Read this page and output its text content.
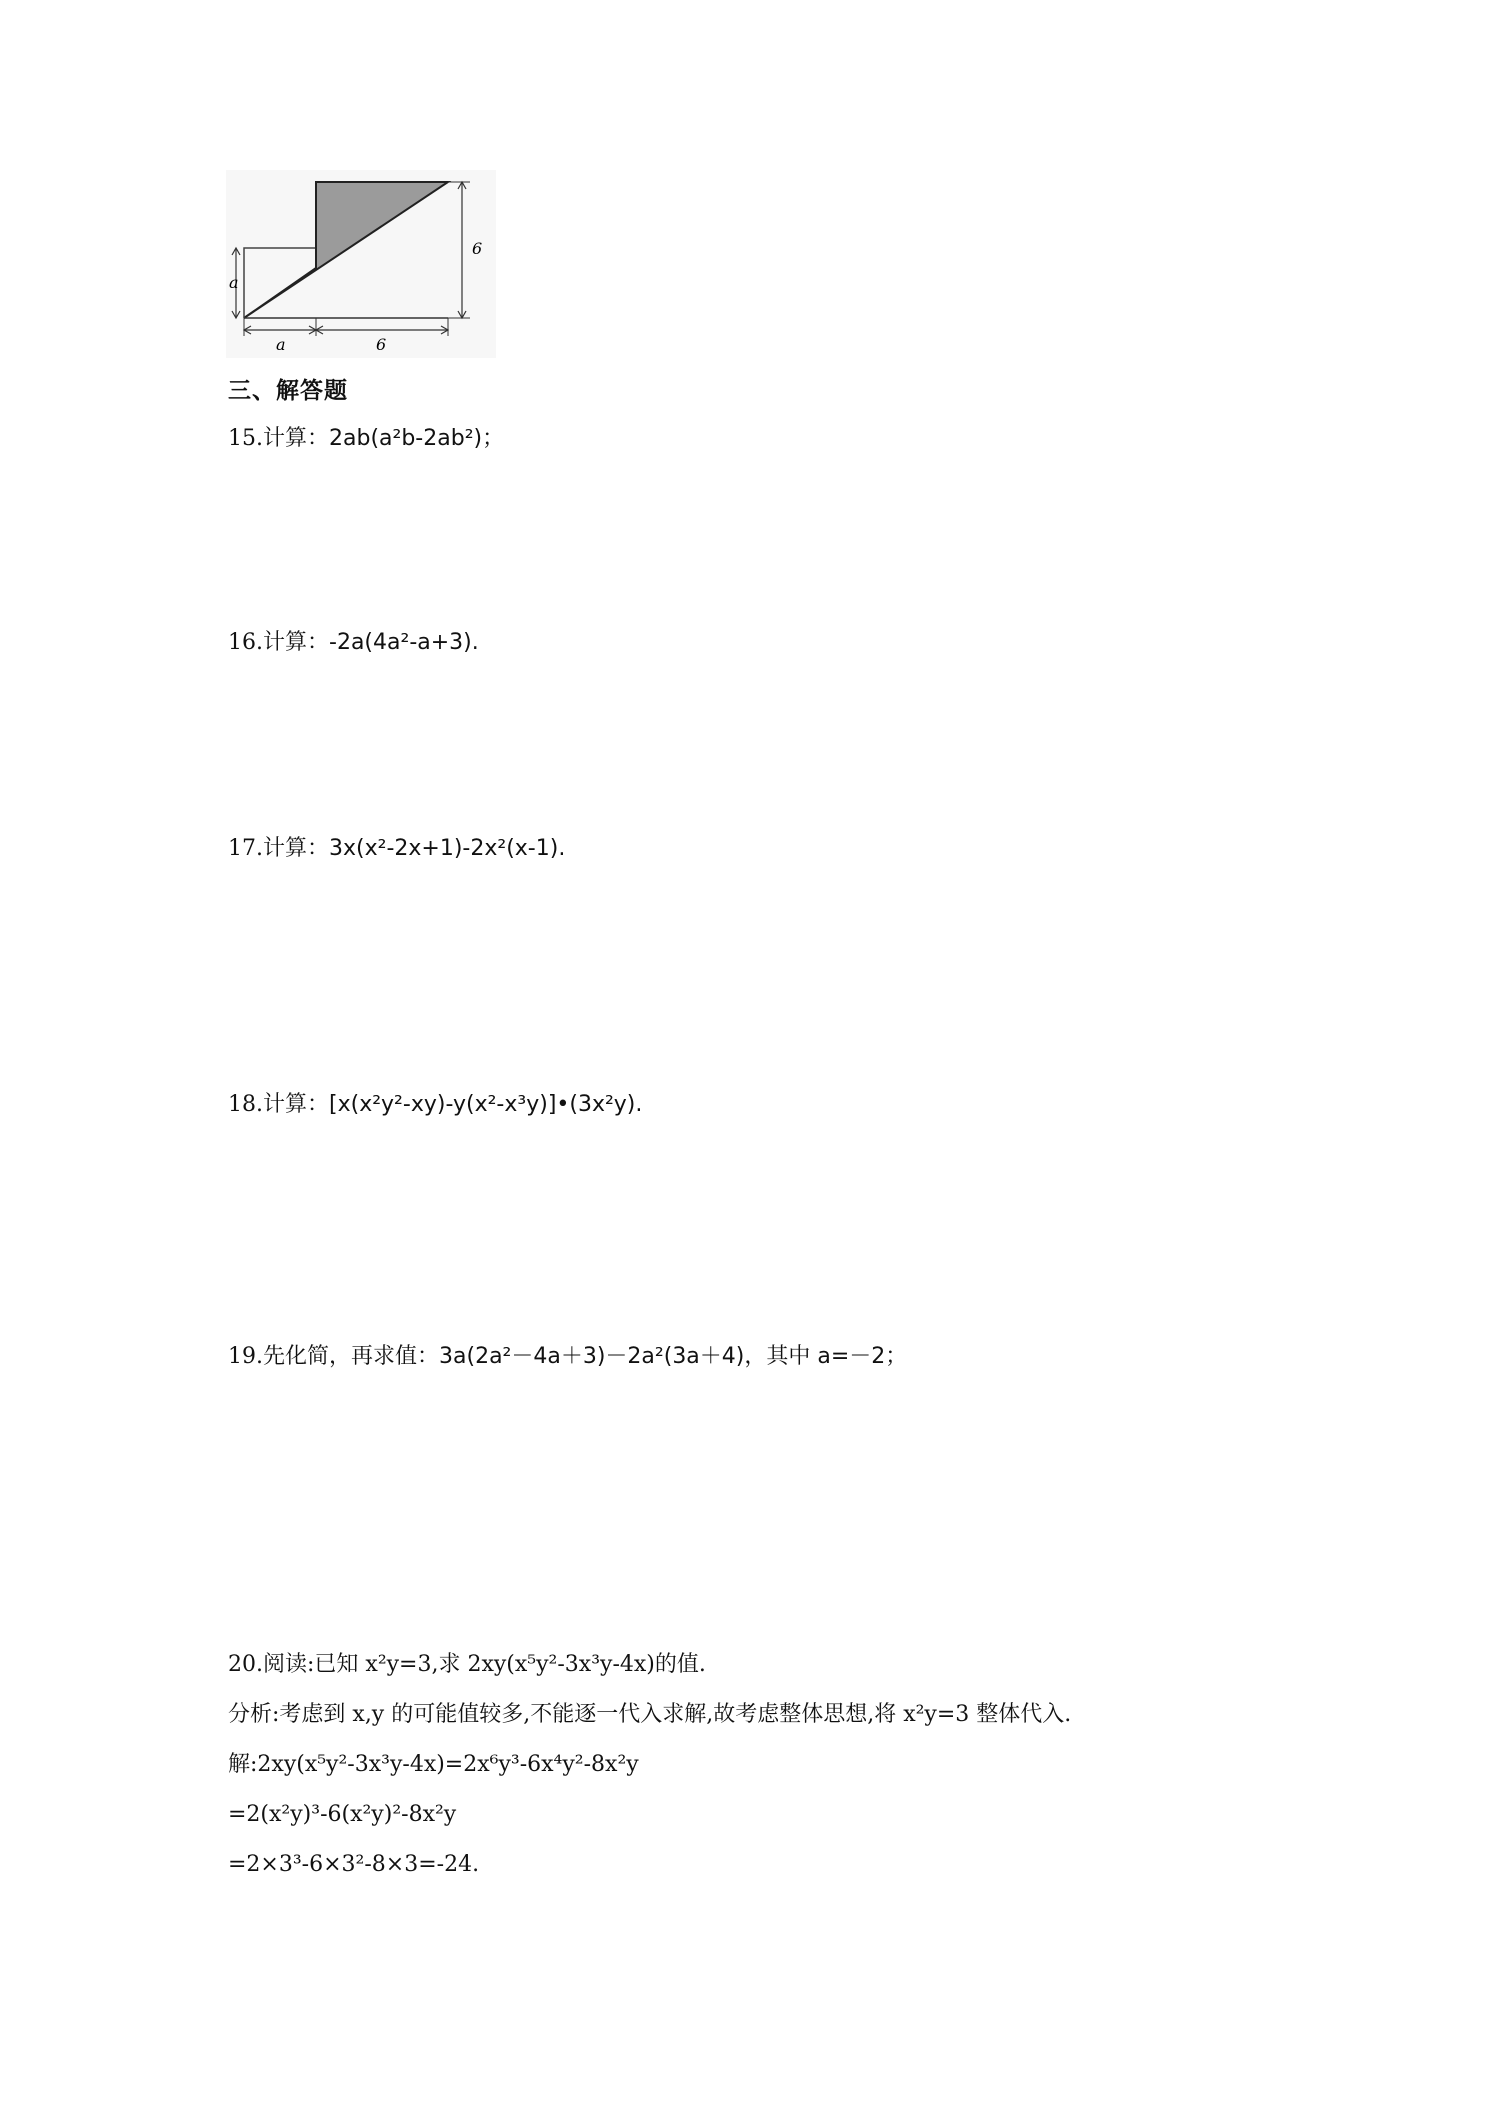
a
a
6
6
三、解答题
15.计算：2ab(a²b-2ab²)；
16.计算：-2a(4a²-a+3).
17.计算：3x(x²-2x+1)-2x²(x-1).
18.计算：[x(x²y²-xy)-y(x²-x³y)]•(3x²y).
19.先化简，再求值：3a(2a²－4a＋3)－2a²(3a＋4)，其中 a=－2；
20.阅读:已知 x²y=3,求 2xy(x⁵y²-3x³y-4x)的值.
分析:考虑到 x,y 的可能值较多,不能逐一代入求解,故考虑整体思想,将 x²y=3 整体代入.
解:2xy(x⁵y²-3x³y-4x)=2x⁶y³-6x⁴y²-8x²y
=2(x²y)³-6(x²y)²-8x²y
=2×3³-6×3²-8×3=-24.
